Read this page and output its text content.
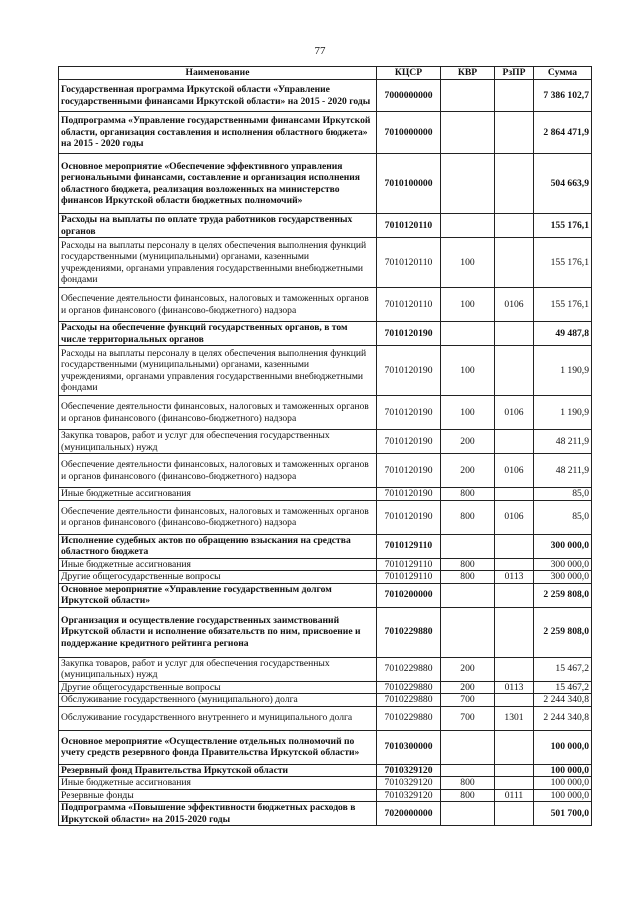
77
Наименование	КЦСР	КВР	РзПР	Сумма
Государственная программа Иркутской области «Управление государственными финансами Иркутской области» на 2015 - 2020 годы	7000000000			7 386 102,7
Подпрограмма «Управление государственными финансами Иркутской области, организация составления и исполнения областного бюджета» на 2015 - 2020 годы	7010000000			2 864 471,9
Основное мероприятие «Обеспечение эффективного управления региональными финансами, составление и организация исполнения областного бюджета, реализация возложенных на министерство финансов Иркутской области бюджетных полномочий»	7010100000			504 663,9
Расходы на выплаты по оплате труда работников государственных органов	7010120110			155 176,1
Расходы на выплаты персоналу в целях обеспечения выполнения функций государственными (муниципальными) органами, казенными учреждениями, органами управления государственными внебюджетными фондами	7010120110	100		155 176,1
Обеспечение деятельности финансовых, налоговых и таможенных органов и органов финансового (финансово-бюджетного) надзора	7010120110	100	0106	155 176,1
Расходы на обеспечение функций государственных органов, в том числе территориальных органов	7010120190			49 487,8
Расходы на выплаты персоналу в целях обеспечения выполнения функций государственными (муниципальными) органами, казенными учреждениями, органами управления государственными внебюджетными фондами	7010120190	100		1 190,9
Обеспечение деятельности финансовых, налоговых и таможенных органов и органов финансового (финансово-бюджетного) надзора	7010120190	100	0106	1 190,9
Закупка товаров, работ и услуг для обеспечения государственных (муниципальных) нужд	7010120190	200		48 211,9
Обеспечение деятельности финансовых, налоговых и таможенных органов и органов финансового (финансово-бюджетного) надзора	7010120190	200	0106	48 211,9
Иные бюджетные ассигнования	7010120190	800		85,0
Обеспечение деятельности финансовых, налоговых и таможенных органов и органов финансового (финансово-бюджетного) надзора	7010120190	800	0106	85,0
Исполнение судебных актов по обращению взыскания на средства областного бюджета	7010129110			300 000,0
Иные бюджетные ассигнования	7010129110	800		300 000,0
Другие общегосударственные вопросы	7010129110	800	0113	300 000,0
Основное мероприятие «Управление государственным долгом Иркутской области»	7010200000			2 259 808,0
Организация и осуществление государственных заимствований Иркутской области и исполнение обязательств по ним, присвоение и поддержание кредитного рейтинга региона	7010229880			2 259 808,0
Закупка товаров, работ и услуг для обеспечения государственных (муниципальных) нужд	7010229880	200		15 467,2
Другие общегосударственные вопросы	7010229880	200	0113	15 467,2
Обслуживание государственного (муниципального) долга	7010229880	700		2 244 340,8
Обслуживание государственного внутреннего и муниципального долга	7010229880	700	1301	2 244 340,8
Основное мероприятие «Осуществление отдельных полномочий по учету средств резервного фонда Правительства Иркутской области»	7010300000			100 000,0
Резервный фонд Правительства Иркутской области	7010329120			100 000,0
Иные бюджетные ассигнования	7010329120	800		100 000,0
Резервные фонды	7010329120	800	0111	100 000,0
Подпрограмма «Повышение эффективности бюджетных расходов в Иркутской области» на 2015-2020 годы	7020000000			501 700,0
